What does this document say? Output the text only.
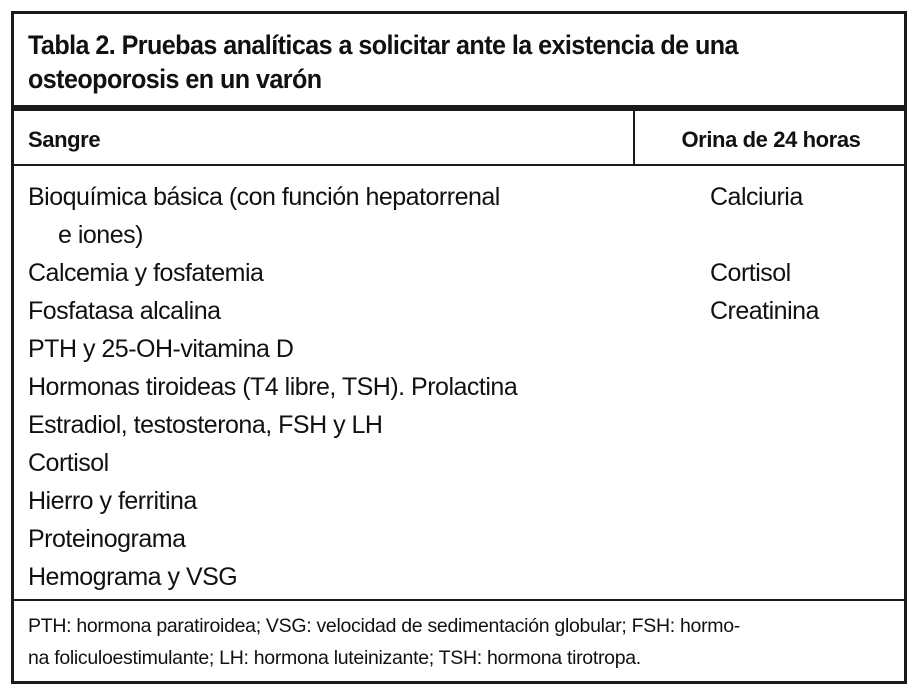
Tabla 2. Pruebas analíticas a solicitar ante la existencia de una
osteoporosis en un varón
Sangre	Orina de 24 horas
Bioquímica básica (con función hepatorrenal
e iones)
Calcemia y fosfatemia
Fosfatasa alcalina
PTH y 25-OH-vitamina D
Hormonas tiroideas (T4 libre, TSH). Prolactina
Estradiol, testosterona, FSH y LH
Cortisol
Hierro y ferritina
Proteinograma
Hemograma y VSG
Calciuria
Cortisol
Creatinina

PTH: hormona paratiroidea; VSG: velocidad de sedimentación globular; FSH: hormo-
na foliculoestimulante; LH: hormona luteinizante; TSH: hormona tirotropa.
